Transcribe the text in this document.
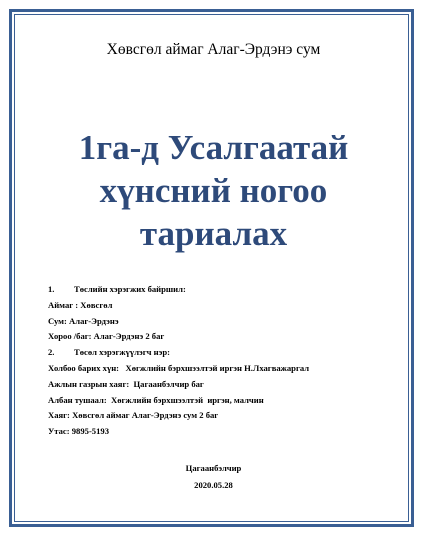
Хөвсгөл аймаг Алаг-Эрдэнэ сум
1га-д Усалгаатай
хүнсний ногоо
тариалах
1. Төслийн хэрэгжих байршил:
Аймаг : Хөвсгөл
Сум: Алаг-Эрдэнэ
Хороо /баг: Алаг-Эрдэнэ 2 баг
2. Төсөл хэрэгжүүлэгч нэр:
Холбоо барих хүн:   Хөгжлийн бэрхшээлтэй иргэн Н.Лхагважаргал
Ажлын газрын хаяг:  Цагаанбэлчир баг
Албан тушаал:  Хөгжлийн бэрхшээлтэй  иргэн, малчин
Хаяг: Хөвсгөл аймаг Алаг-Эрдэнэ сум 2 баг
Утас: 9895-5193
Цагаанбэлчир
2020.05.28
